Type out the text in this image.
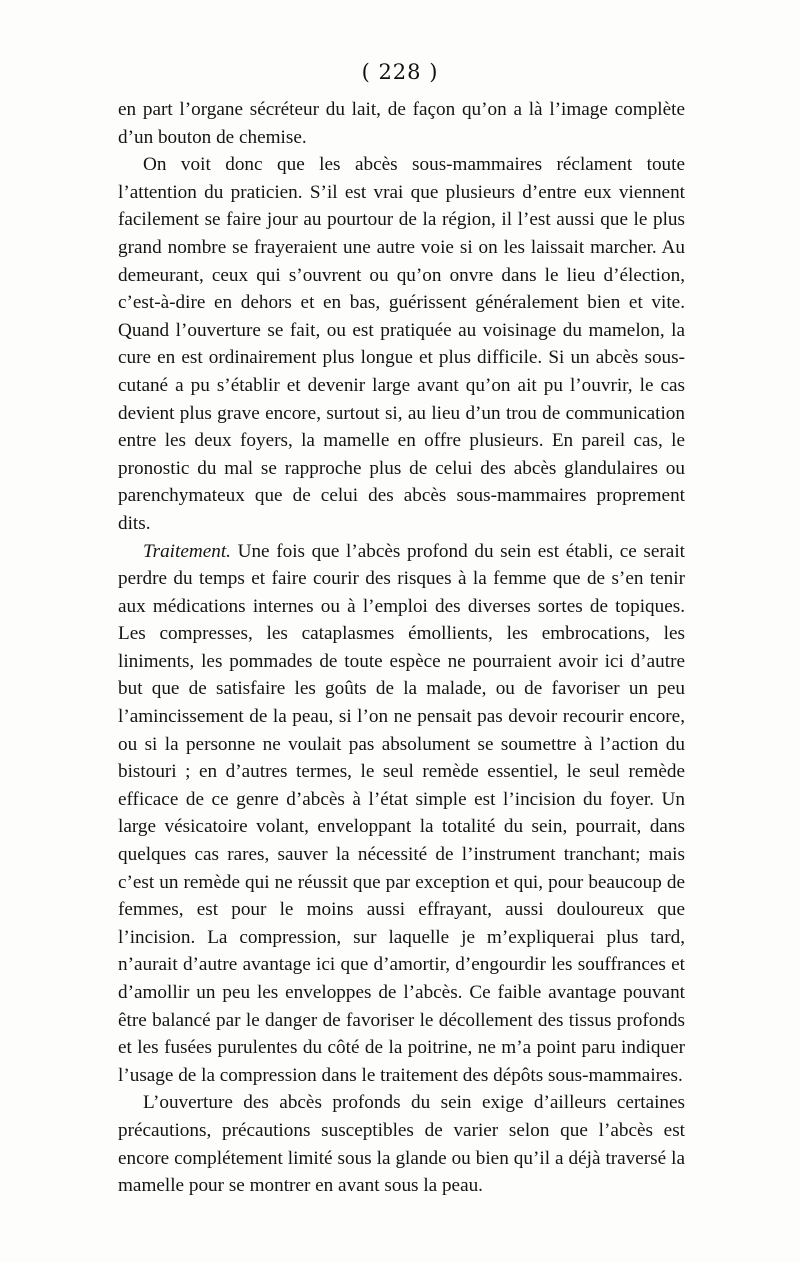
( 228 )

en part l’organe sécréteur du lait, de façon qu’on a là l’image complète d’un bouton de chemise.

On voit donc que les abcès sous-mammaires réclament toute l’attention du praticien. S’il est vrai que plusieurs d’entre eux viennent facilement se faire jour au pourtour de la région, il l’est aussi que le plus grand nombre se frayeraient une autre voie si on les laissait marcher. Au demeurant, ceux qui s’ouvrent ou qu’on onvre dans le lieu d’élection, c’est-à-dire en dehors et en bas, guérissent généralement bien et vite. Quand l’ouverture se fait, ou est pratiquée au voisinage du mamelon, la cure en est ordinairement plus longue et plus difficile. Si un abcès sous-cutané a pu s’établir et devenir large avant qu’on ait pu l’ouvrir, le cas devient plus grave encore, surtout si, au lieu d’un trou de communication entre les deux foyers, la mamelle en offre plusieurs. En pareil cas, le pronostic du mal se rapproche plus de celui des abcès glandulaires ou parenchymateux que de celui des abcès sous-mammaires proprement dits.

Traitement. Une fois que l’abcès profond du sein est établi, ce serait perdre du temps et faire courir des risques à la femme que de s’en tenir aux médications internes ou à l’emploi des diverses sortes de topiques. Les compresses, les cataplasmes émollients, les embrocations, les liniments, les pommades de toute espèce ne pourraient avoir ici d’autre but que de satisfaire les goûts de la malade, ou de favoriser un peu l’amincissement de la peau, si l’on ne pensait pas devoir recourir encore, ou si la personne ne voulait pas absolument se soumettre à l’action du bistouri ; en d’autres termes, le seul remède essentiel, le seul remède efficace de ce genre d’abcès à l’état simple est l’incision du foyer. Un large vésicatoire volant, enveloppant la totalité du sein, pourrait, dans quelques cas rares, sauver la nécessité de l’instrument tranchant; mais c’est un remède qui ne réussit que par exception et qui, pour beaucoup de femmes, est pour le moins aussi effrayant, aussi douloureux que l’incision. La compression, sur laquelle je m’expliquerai plus tard, n’aurait d’autre avantage ici que d’amortir, d’engourdir les souffrances et d’amollir un peu les enveloppes de l’abcès. Ce faible avantage pouvant être balancé par le danger de favoriser le décollement des tissus profonds et les fusées purulentes du côté de la poitrine, ne m’a point paru indiquer l’usage de la compression dans le traitement des dépôts sous-mammaires.

L’ouverture des abcès profonds du sein exige d’ailleurs certaines précautions, précautions susceptibles de varier selon que l’abcès est encore complétement limité sous la glande ou bien qu’il a déjà traversé la mamelle pour se montrer en avant sous la peau.
